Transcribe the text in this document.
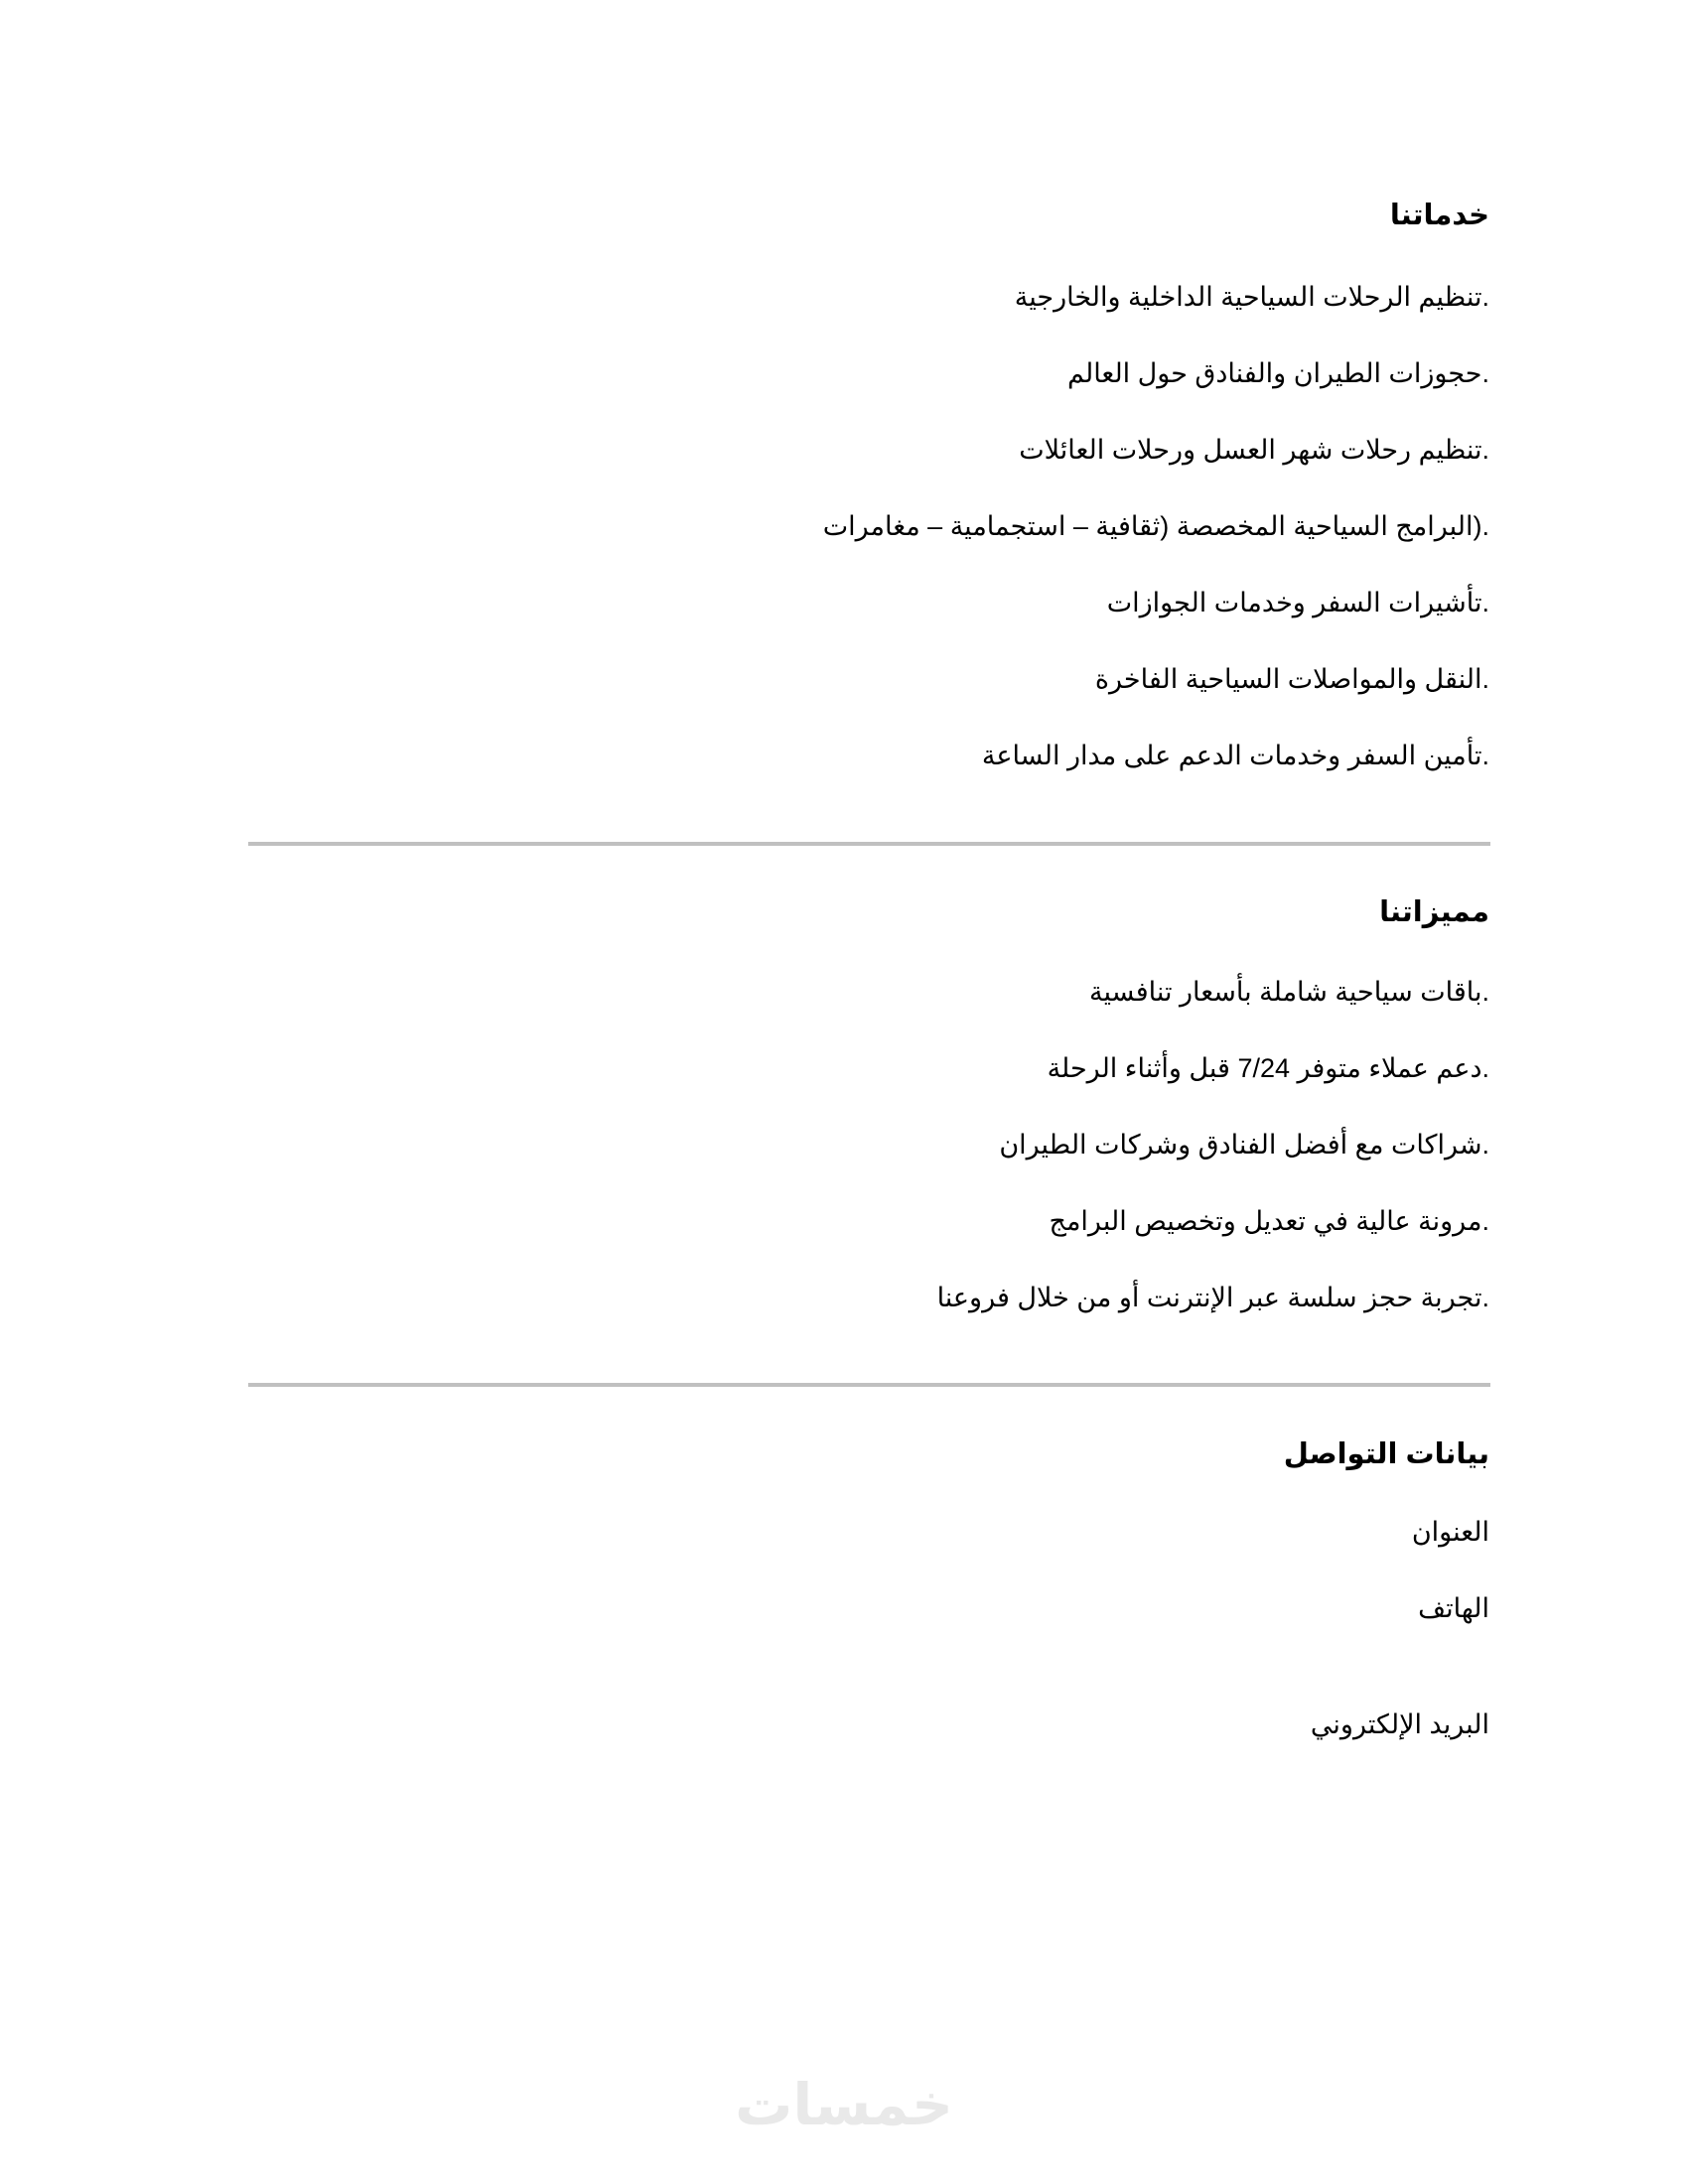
خدماتنا
.تنظيم الرحلات السياحية الداخلية والخارجية
.حجوزات الطيران والفنادق حول العالم
.تنظيم رحلات شهر العسل ورحلات العائلات
.(البرامج السياحية المخصصة (ثقافية – استجمامية – مغامرات
.تأشيرات السفر وخدمات الجوازات
.النقل والمواصلات السياحية الفاخرة
.تأمين السفر وخدمات الدعم على مدار الساعة
مميزاتنا
.باقات سياحية شاملة بأسعار تنافسية
.دعم عملاء متوفر 7/24 قبل وأثناء الرحلة
.شراكات مع أفضل الفنادق وشركات الطيران
.مرونة عالية في تعديل وتخصيص البرامج
.تجربة حجز سلسة عبر الإنترنت أو من خلال فروعنا
بيانات التواصل
العنوان
الهاتف
البريد الإلكتروني
خمسات
